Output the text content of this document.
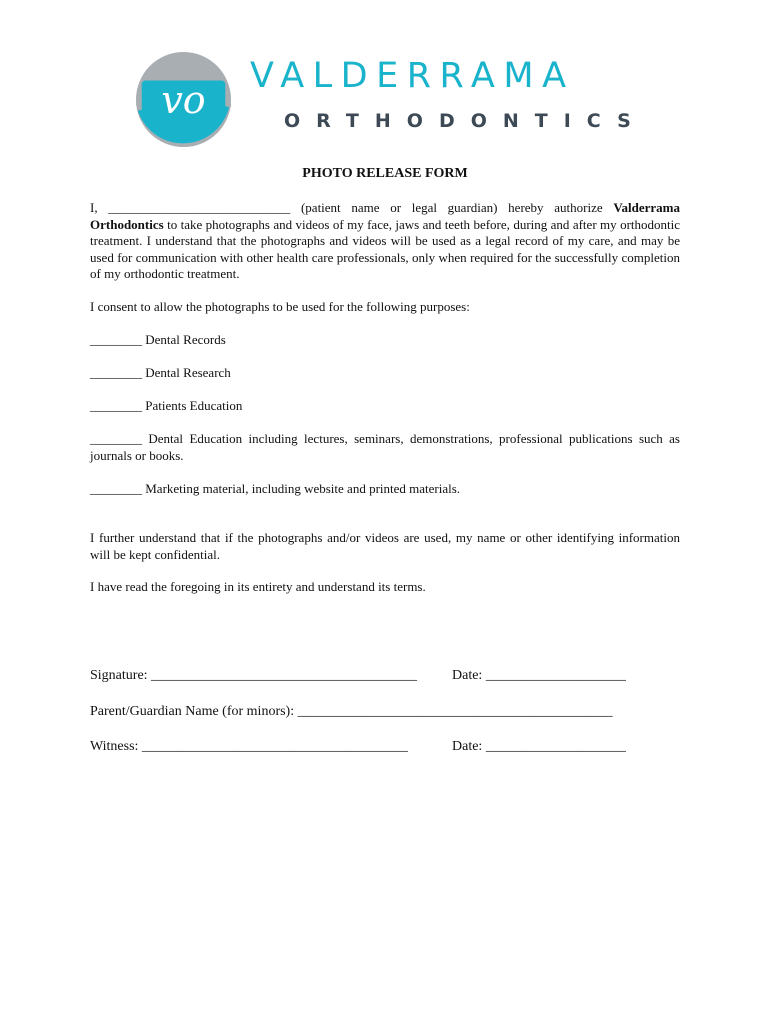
vo
VALDERRAMA
ORTHODONTICS
PHOTO RELEASE FORM
I, ____________________________ (patient name or legal guardian) hereby authorize Valderrama Orthodontics to take photographs and videos of my face, jaws and teeth before, during and after my orthodontic treatment. I understand that the photographs and videos will be used as a legal record of my care, and may be used for communication with other health care professionals, only when required for the successfully completion of my orthodontic treatment.
I consent to allow the photographs to be used for the following purposes:
________ Dental Records
________ Dental Research
________ Patients Education
________ Dental Education including lectures, seminars, demonstrations, professional publications such as journals or books.
________ Marketing material, including website and printed materials.
I further understand that if the photographs and/or videos are used, my name or other identifying information will be kept confidential.
I have read the foregoing in its entirety and understand its terms.
Signature: ______________________________________ Date: ____________________
Parent/Guardian Name (for minors): _____________________________________________
Witness: ______________________________________	Date: ____________________
